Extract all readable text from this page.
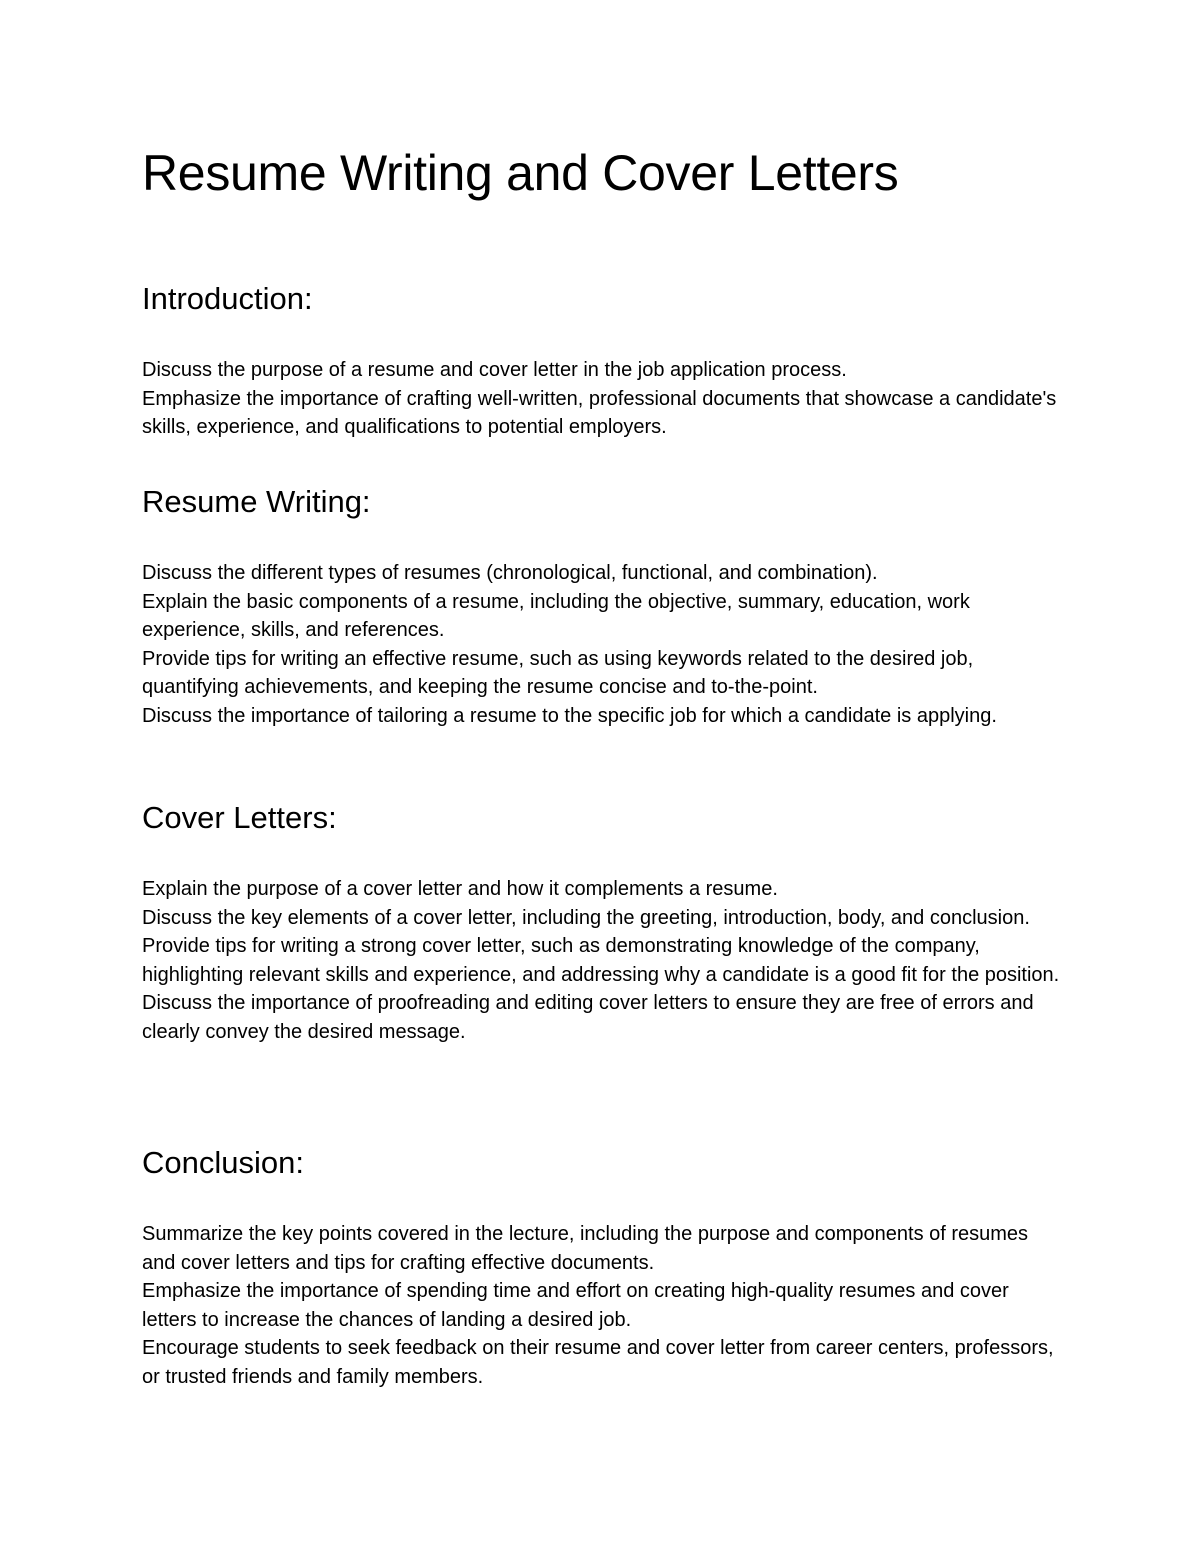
Resume Writing and Cover Letters
Introduction:

Discuss the purpose of a resume and cover letter in the job application process.

Emphasize the importance of crafting well-written, professional documents that showcase a candidate's skills, experience, and qualifications to potential employers.

Resume Writing:

Discuss the different types of resumes (chronological, functional, and combination).

Explain the basic components of a resume, including the objective, summary, education, work experience, skills, and references.

Provide tips for writing an effective resume, such as using keywords related to the desired job, quantifying achievements, and keeping the resume concise and to-the-point.

Discuss the importance of tailoring a resume to the specific job for which a candidate is applying.

Cover Letters:

Explain the purpose of a cover letter and how it complements a resume.

Discuss the key elements of a cover letter, including the greeting, introduction, body, and conclusion.

Provide tips for writing a strong cover letter, such as demonstrating knowledge of the company, highlighting relevant skills and experience, and addressing why a candidate is a good fit for the position.

Discuss the importance of proofreading and editing cover letters to ensure they are free of errors and clearly convey the desired message.

Conclusion:

Summarize the key points covered in the lecture, including the purpose and components of resumes and cover letters and tips for crafting effective documents.

Emphasize the importance of spending time and effort on creating high-quality resumes and cover letters to increase the chances of landing a desired job.

Encourage students to seek feedback on their resume and cover letter from career centers, professors, or trusted friends and family members.
